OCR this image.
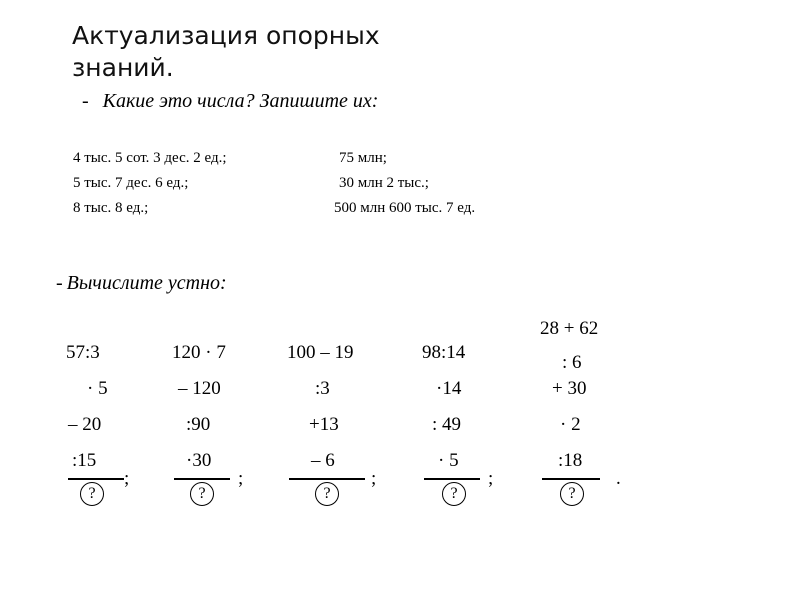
Актуализация опорных знаний.
- Какие это числа? Запишите их:
4 тыс. 5 сот. 3 дес. 2 ед.;	75 млн;
5 тыс. 7 дес. 6 ед.;	30 млн 2 тыс.;
8 тыс. 8 ед.;	500 млн 600 тыс. 7 ед.
- Вычислите устно:
57:3
· 5
– 20
:15
?
;
120 · 7
– 120
:90
·30
?
;
100 – 19
:3
+13
– 6
?
;
98:14
·14
: 49
· 5
?
;
28 + 62
: 6
+ 30
· 2
:18
?
.
